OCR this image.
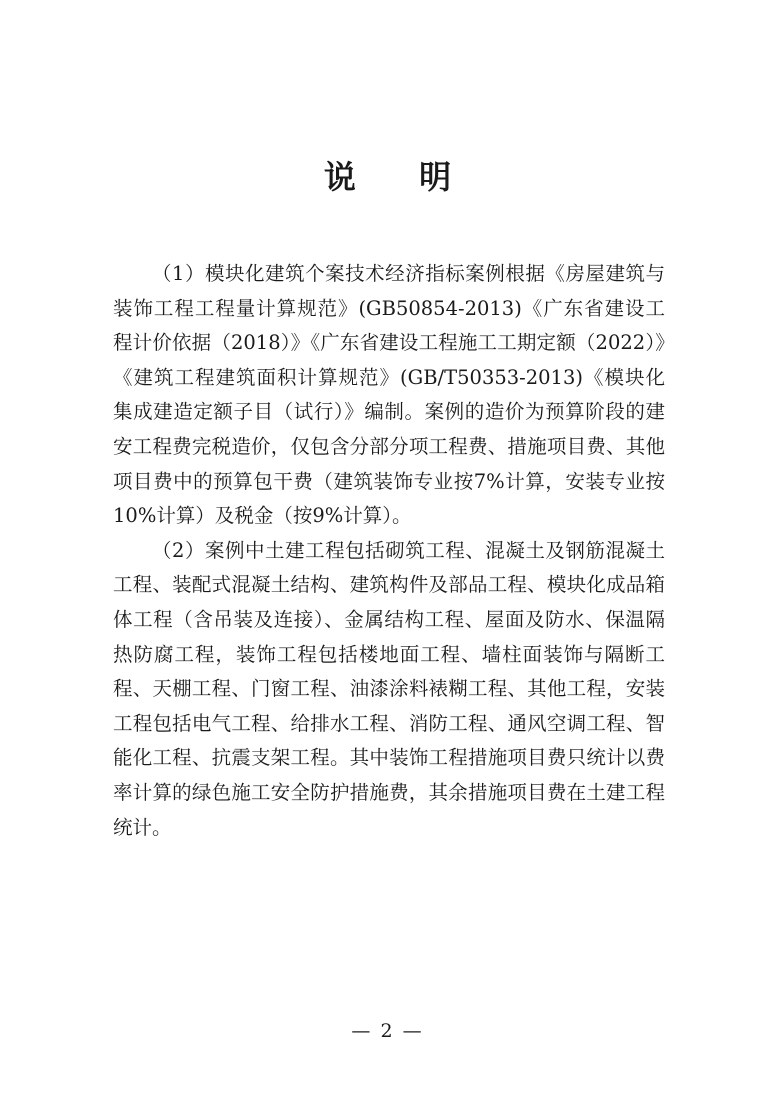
说 明

（1）模块化建筑个案技术经济指标案例根据《房屋建筑与装饰工程工程量计算规范》(GB50854-2013)《广东省建设工程计价依据（2018）》《广东省建设工程施工工期定额（2022）》《建筑工程建筑面积计算规范》(GB/T50353-2013)《模块化集成建造定额子目（试行）》编制。案例的造价为预算阶段的建安工程费完税造价，仅包含分部分项工程费、措施项目费、其他项目费中的预算包干费（建筑装饰专业按7%计算，安装专业按10%计算）及税金（按9%计算）。

（2）案例中土建工程包括砌筑工程、混凝土及钢筋混凝土工程、装配式混凝土结构、建筑构件及部品工程、模块化成品箱体工程（含吊装及连接）、金属结构工程、屋面及防水、保温隔热防腐工程，装饰工程包括楼地面工程、墙柱面装饰与隔断工程、天棚工程、门窗工程、油漆涂料裱糊工程、其他工程，安装工程包括电气工程、给排水工程、消防工程、通风空调工程、智能化工程、抗震支架工程。其中装饰工程措施项目费只统计以费率计算的绿色施工安全防护措施费，其余措施项目费在土建工程统计。

— 2 —
